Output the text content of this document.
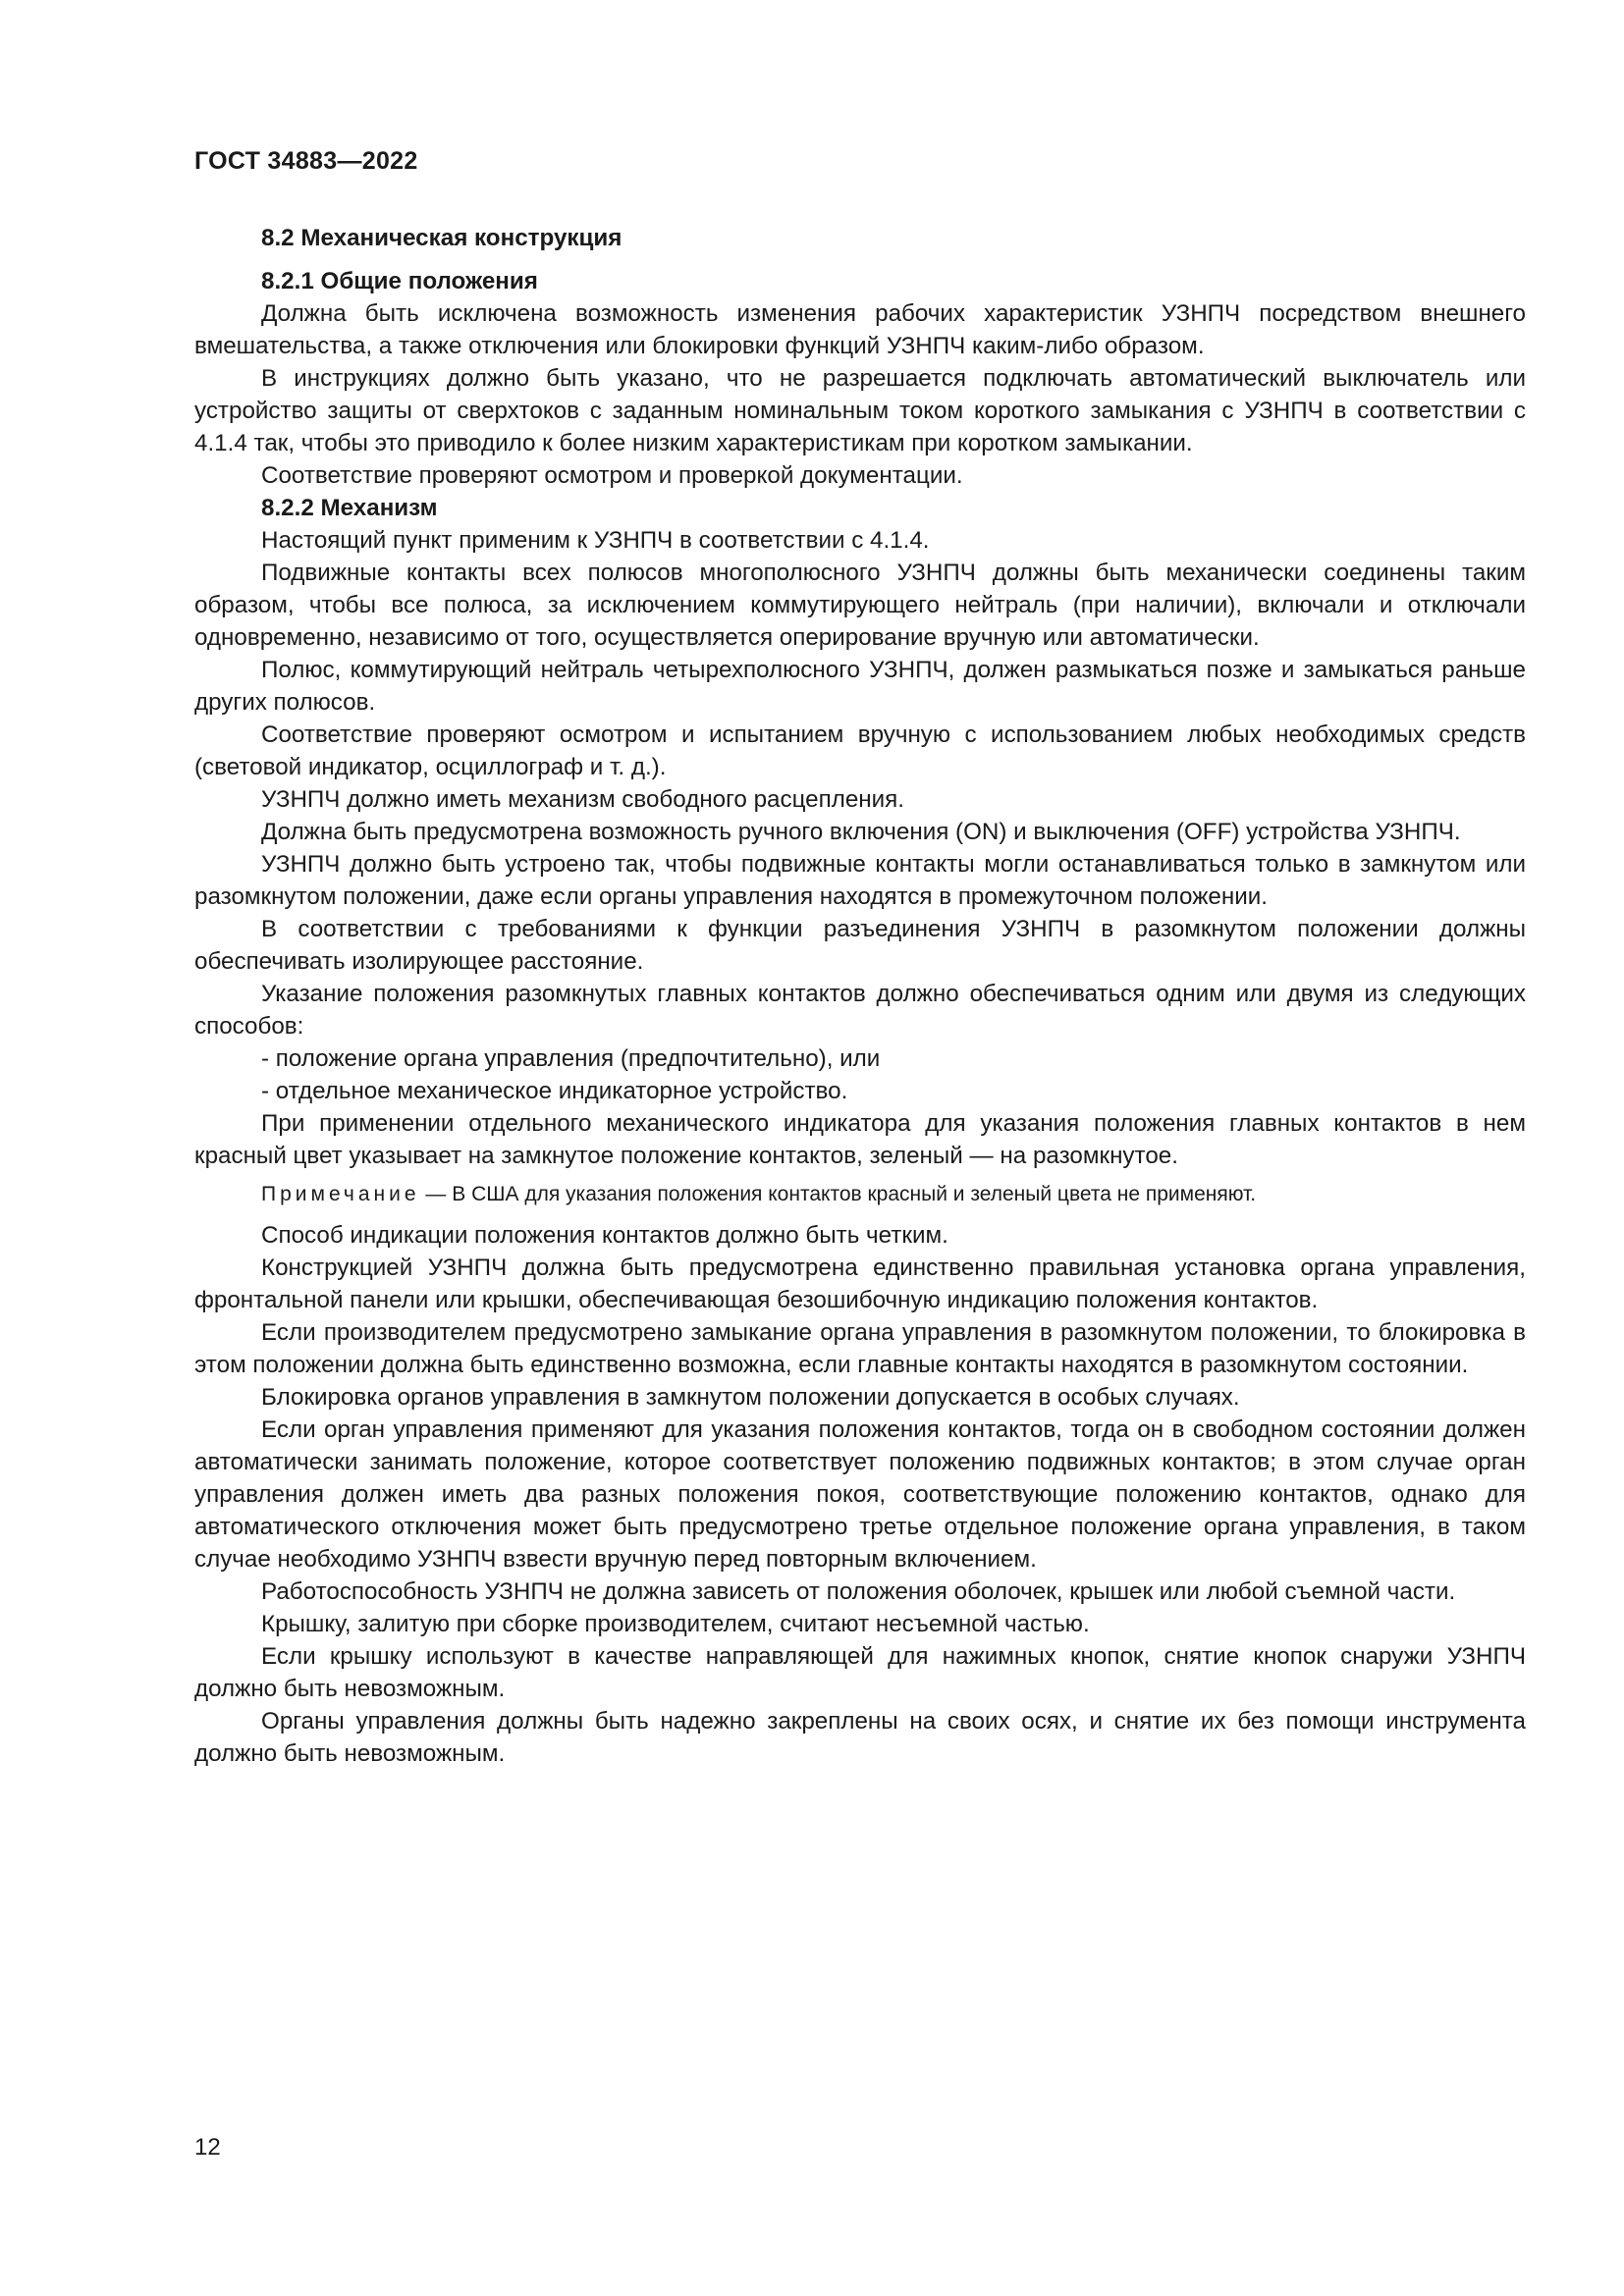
ГОСТ 34883—2022

8.2 Механическая конструкция

8.2.1 Общие положения

Должна быть исключена возможность изменения рабочих характеристик УЗНПЧ посредством внешнего вмешательства, а также отключения или блокировки функций УЗНПЧ каким-либо образом.

В инструкциях должно быть указано, что не разрешается подключать автоматический выключатель или устройство защиты от сверхтоков с заданным номинальным током короткого замыкания с УЗНПЧ в соответствии с 4.1.4 так, чтобы это приводило к более низким характеристикам при коротком замыкании.

Соответствие проверяют осмотром и проверкой документации.

8.2.2 Механизм

Настоящий пункт применим к УЗНПЧ в соответствии с 4.1.4.

Подвижные контакты всех полюсов многополюсного УЗНПЧ должны быть механически соединены таким образом, чтобы все полюса, за исключением коммутирующего нейтраль (при наличии), включали и отключали одновременно, независимо от того, осуществляется оперирование вручную или автоматически.

Полюс, коммутирующий нейтраль четырехполюсного УЗНПЧ, должен размыкаться позже и замыкаться раньше других полюсов.

Соответствие проверяют осмотром и испытанием вручную с использованием любых необходимых средств (световой индикатор, осциллограф и т. д.).

УЗНПЧ должно иметь механизм свободного расцепления.

Должна быть предусмотрена возможность ручного включения (ON) и выключения (OFF) устройства УЗНПЧ.

УЗНПЧ должно быть устроено так, чтобы подвижные контакты могли останавливаться только в замкнутом или разомкнутом положении, даже если органы управления находятся в промежуточном положении.

В соответствии с требованиями к функции разъединения УЗНПЧ в разомкнутом положении должны обеспечивать изолирующее расстояние.

Указание положения разомкнутых главных контактов должно обеспечиваться одним или двумя из следующих способов:

- положение органа управления (предпочтительно), или

- отдельное механическое индикаторное устройство.

При применении отдельного механического индикатора для указания положения главных контактов в нем красный цвет указывает на замкнутое положение контактов, зеленый — на разомкнутое.

Примечание — В США для указания положения контактов красный и зеленый цвета не применяют.

Способ индикации положения контактов должно быть четким.

Конструкцией УЗНПЧ должна быть предусмотрена единственно правильная установка органа управления, фронтальной панели или крышки, обеспечивающая безошибочную индикацию положения контактов.

Если производителем предусмотрено замыкание органа управления в разомкнутом положении, то блокировка в этом положении должна быть единственно возможна, если главные контакты находятся в разомкнутом состоянии.

Блокировка органов управления в замкнутом положении допускается в особых случаях.

Если орган управления применяют для указания положения контактов, тогда он в свободном состоянии должен автоматически занимать положение, которое соответствует положению подвижных контактов; в этом случае орган управления должен иметь два разных положения покоя, соответствующие положению контактов, однако для автоматического отключения может быть предусмотрено третье отдельное положение органа управления, в таком случае необходимо УЗНПЧ взвести вручную перед повторным включением.

Работоспособность УЗНПЧ не должна зависеть от положения оболочек, крышек или любой съемной части.

Крышку, залитую при сборке производителем, считают несъемной частью.

Если крышку используют в качестве направляющей для нажимных кнопок, снятие кнопок снаружи УЗНПЧ должно быть невозможным.

Органы управления должны быть надежно закреплены на своих осях, и снятие их без помощи инструмента должно быть невозможным.

12
